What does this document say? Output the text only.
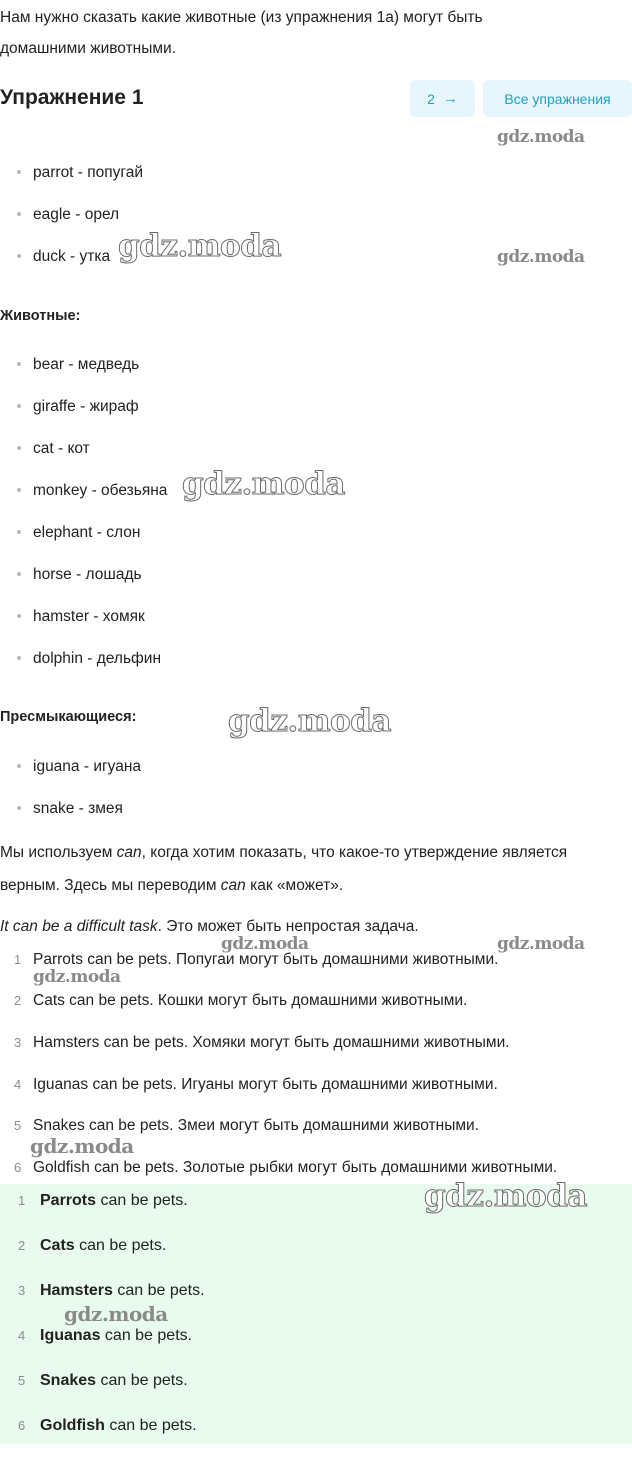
Нам нужно сказать какие животные (из упражнения 1а) могут быть
домашними животными.
Упражнение 1	2 →	Все упражнения
parrot - попугай
eagle - орел
duck - утка
Животные:
bear - медведь
giraffe - жираф
cat - кот
monkey - обезьяна
elephant - слон
horse - лошадь
hamster - хомяк
dolphin - дельфин
Пресмыкающиеся:
iguana - игуана
snake - змея
Мы используем can, когда хотим показать, что какое-то утверждение является
верным. Здесь мы переводим can как «может».
It can be a difficult task. Это может быть непростая задача.
1 Parrots can be pets. Попугаи могут быть домашними животными.
2 Cats can be pets. Кошки могут быть домашними животными.
3 Hamsters can be pets. Хомяки могут быть домашними животными.
4 Iguanas can be pets. Игуаны могут быть домашними животными.
5 Snakes can be pets. Змеи могут быть домашними животными.
6 Goldfish can be pets. Золотые рыбки могут быть домашними животными.
1 Parrots can be pets.
2 Cats can be pets.
3 Hamsters can be pets.
4 Iguanas can be pets.
5 Snakes can be pets.
6 Goldfish can be pets.
gdz.moda
gdz.moda
gdz.moda
gdz.moda
gdz.moda
gdz.moda	gdz.moda
gdz.moda
gdz.moda
gdz.moda
gdz.moda
